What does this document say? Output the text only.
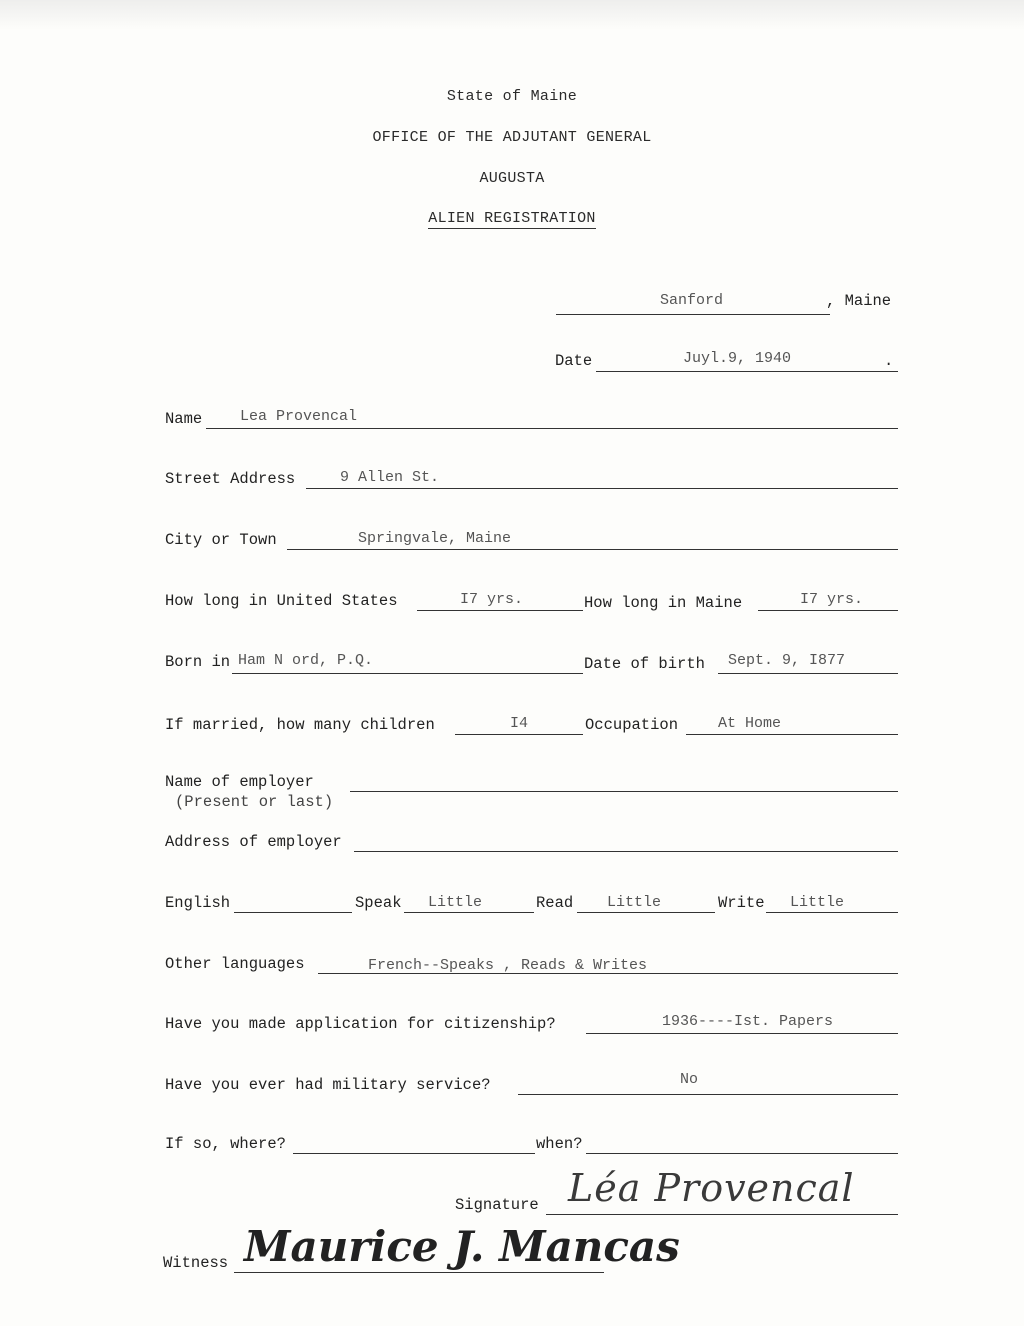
State of Maine
OFFICE OF THE ADJUTANT GENERAL
AUGUSTA
ALIEN REGISTRATION
Sanford	, Maine
Date	Juyl.9, 1940	.
Name	Lea Provencal
Street Address	9 Allen St.
City or Town	Springvale, Maine
How long in United States	I7 yrs.	How long in Maine	I7 yrs.
Born in Ham N ord, P.Q.	Date of birth Sept. 9, I877
If married, how many children	I4	Occupation	At Home
Name of employer
(Present or last)
Address of employer
English	Speak Little	Read Little	Write Little
Other languages	French--Speaks , Reads & Writes
Have you made application for citizenship?	1936----Ist. Papers
Have you ever had military service?	No
If so, where?	when?
Signature Léa Provencal
Witness Maurice J. Mancas
